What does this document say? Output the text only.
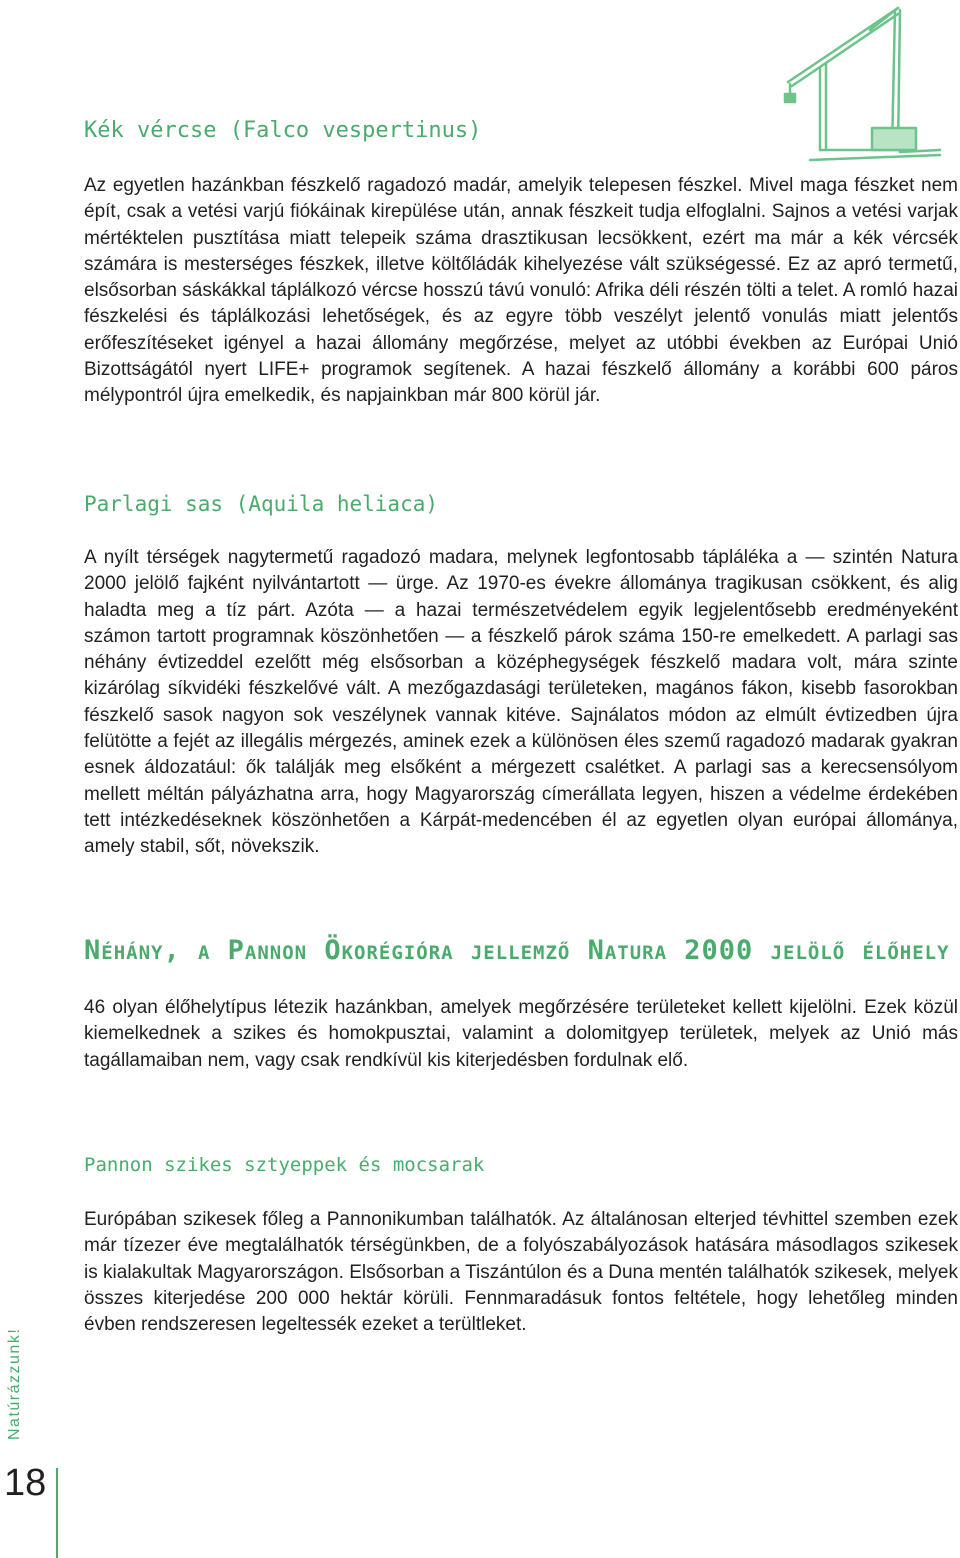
Kék vércse (Falco vespertinus)

Az egyetlen hazánkban fészkelő ragadozó madár, amelyik telepesen fészkel. Mivel maga fészket nem épít, csak a vetési varjú fiókáinak kirepülése után, annak fészkeit tudja elfoglalni. Sajnos a vetési varjak mértéktelen pusztítása miatt telepeik száma drasztikusan lecsökkent, ezért ma már a kék vércsék számára is mesterséges fészkek, illetve költőládák kihelyezése vált szükségessé. Ez az apró termetű, elsősorban sáskákkal táplálkozó vércse hosszú távú vonuló: Afrika déli részén tölti a telet. A romló hazai fészkelési és táplálkozási lehetőségek, és az egyre több veszélyt jelentő vonulás miatt jelentős erőfeszítéseket igényel a hazai állomány megőrzése, melyet az utóbbi években az Európai Unió Bizottságától nyert LIFE+ programok segítenek. A hazai fészkelő állomány a korábbi 600 páros mélypontról újra emelkedik, és napjainkban már 800 körül jár.

Parlagi sas (Aquila heliaca)

A nyílt térségek nagytermetű ragadozó madara, melynek legfontosabb tápláléka a — szintén Natura 2000 jelölő fajként nyilvántartott — ürge. Az 1970-es évekre állománya tragikusan csökkent, és alig haladta meg a tíz párt. Azóta — a hazai természetvédelem egyik legjelentősebb eredményeként számon tartott programnak köszönhetően — a fészkelő párok száma 150-re emelkedett. A parlagi sas néhány évtizeddel ezelőtt még elsősorban a középhegységek fészkelő madara volt, mára szinte kizárólag síkvidéki fészkelővé vált. A mezőgazdasági területeken, magános fákon, kisebb fasorokban fészkelő sasok nagyon sok veszélynek vannak kitéve. Sajnálatos módon az elmúlt évtizedben újra felütötte a fejét az illegális mérgezés, aminek ezek a különösen éles szemű ragadozó madarak gyakran esnek áldozatául: ők találják meg elsőként a mérgezett csalétket. A parlagi sas a kerecsensólyom mellett méltán pályázhatna arra, hogy Magyarország címerállata legyen, hiszen a védelme érdekében tett intézkedéseknek köszönhetően a Kárpát-medencében él az egyetlen olyan európai állománya, amely stabil, sőt, növekszik.

Néhány, a Pannon Ökorégióra jellemző Natura 2000 jelölő élőhely

46 olyan élőhelytípus létezik hazánkban, amelyek megőrzésére területeket kellett kijelölni. Ezek közül kiemelkednek a szikes és homokpusztai, valamint a dolomitgyep területek, melyek az Unió más tagállamaiban nem, vagy csak rendkívül kis kiterjedésben fordulnak elő.

Pannon szikes sztyeppek és mocsarak

Európában szikesek főleg a Pannonikumban találhatók. Az általánosan elterjed tévhittel szemben ezek már tízezer éve megtalálhatók térségünkben, de a folyószabályozások hatására másodlagos szikesek is kialakultak Magyarországon. Elsősorban a Tiszántúlon és a Duna mentén találhatók szikesek, melyek összes kiterjedése 200 000 hektár körüli. Fennmaradásuk fontos feltétele, hogy lehetőleg minden évben rendszeresen legeltessék ezeket a terültleket.

Natúrázzunk!
18
